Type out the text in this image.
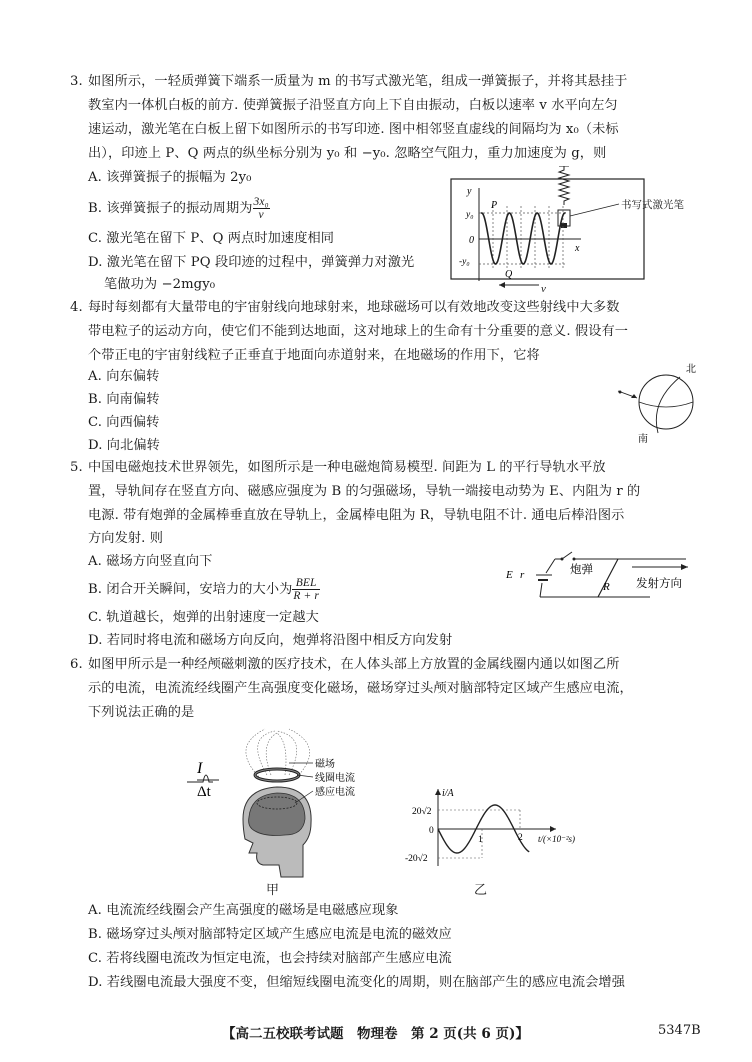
3. 如图所示，一轻质弹簧下端系一质量为 m 的书写式激光笔，组成一弹簧振子，并将其悬挂于
教室内一体机白板的前方. 使弹簧振子沿竖直方向上下自由振动，白板以速率 v 水平向左匀
速运动，激光笔在白板上留下如图所示的书写印迹. 图中相邻竖直虚线的间隔均为 x₀（未标
出），印迹上 P、Q 两点的纵坐标分别为 y₀ 和 −y₀. 忽略空气阻力，重力加速度为 g，则
A. 该弹簧振子的振幅为 2y₀
B. 该弹簧振子的振动周期为 $\frac{\text{3x₀}}{v}$
C. 激光笔在留下 P、Q 两点时加速度相同
D. 激光笔在留下 PQ 段印迹的过程中，弹簧弹力对激光
笔做功为 −2mgy₀
书写式激光笔
y
x
y₀
0
-y₀
P
Q
v
4. 每时每刻都有大量带电的宇宙射线向地球射来，地球磁场可以有效地改变这些射线中大多数
带电粒子的运动方向，使它们不能到达地面，这对地球上的生命有十分重要的意义. 假设有一
个带正电的宇宙射线粒子正垂直于地面向赤道射来，在地磁场的作用下，它将
A. 向东偏转
B. 向南偏转
C. 向西偏转
D. 向北偏转
北
南
5. 中国电磁炮技术世界领先，如图所示是一种电磁炮简易模型. 间距为 L 的平行导轨水平放
置，导轨间存在竖直方向、磁感应强度为 B 的匀强磁场，导轨一端接电动势为 E、内阻为 r 的
电源. 带有炮弹的金属棒垂直放在导轨上，金属棒电阻为 R，导轨电阻不计. 通电后棒沿图示
方向发射. 则
A. 磁场方向竖直向下
B. 闭合开关瞬间，安培力的大小为 $\frac{\text{BEL}}{R + r}$
C. 轨道越长，炮弹的出射速度一定越大
D. 若同时将电流和磁场方向反向，炮弹将沿图中相反方向发射
E r	炮弹
R 发射方向
6. 如图甲所示是一种经颅磁刺激的医疗技术，在人体头部上方放置的金属线圈内通以如图乙所
示的电流，电流流经线圈产生高强度变化磁场，磁场穿过头颅对脑部特定区域产生感应电流，
下列说法正确的是
I
Δt
磁场
线圈电流
感应电流
甲
i/A
20√2
-20√2
0
1	2 t/(×10⁻²s)
乙
A. 电流流经线圈会产生高强度的磁场是电磁感应现象
B. 磁场穿过头颅对脑部特定区域产生感应电流是电流的磁效应
C. 若将线圈电流改为恒定电流，也会持续对脑部产生感应电流
D. 若线圈电流最大强度不变，但缩短线圈电流变化的周期，则在脑部产生的感应电流会增强
【高二五校联考试题　物理卷　第 2 页(共 6 页)】	5347B
